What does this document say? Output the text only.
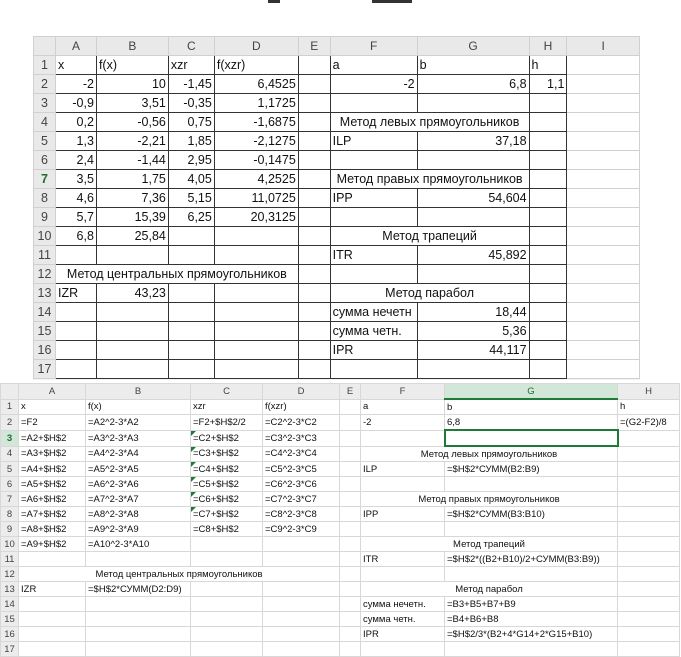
	A	B	C	D	E	F	G	H	I
1	x	f(x)	xzr	f(xzr)		a	b	h	
2	-2	10	-1,45	6,4525		-2	6,8	1,1	
3	-0,9	3,51	-0,35	1,1725					
4	0,2	-0,56	0,75	-1,6875		Метод левых прямоугольников			
5	1,3	-2,21	1,85	-2,1275		ILP	37,18		
6	2,4	-1,44	2,95	-0,1475					
7	3,5	1,75	4,05	4,2525		Метод правых прямоугольников			
8	4,6	7,36	5,15	11,0725		IPP	54,604		
9	5,7	15,39	6,25	20,3125					
10	6,8	25,84				Метод трапеций			
11						ITR	45,892		
12	Метод центральных прямоугольников								
13	IZR	43,23				Метод парабол			
14						сумма нечетн	18,44		
15						сумма четн.	5,36		
16						IPR	44,117		
17									
	A	B	C	D	E	F	G	H
1	x	f(x)	xzr	f(xzr)		a	b	h
2	=F2	=A2^2-3*A2	=F2+$H$2/2	=C2^2-3*C2		-2	6,8	=(G2-F2)/8
3	=A2+$H$2	=A3^2-3*A3	=C2+$H$2	=C3^2-3*C3				
4	=A3+$H$2	=A4^2-3*A4	=C3+$H$2	=C4^2-3*C4		Метод левых прямоугольников		
5	=A4+$H$2	=A5^2-3*A5	=C4+$H$2	=C5^2-3*C5		ILP	=$H$2*СУММ(B2:B9)	
6	=A5+$H$2	=A6^2-3*A6	=C5+$H$2	=C6^2-3*C6				
7	=A6+$H$2	=A7^2-3*A7	=C6+$H$2	=C7^2-3*C7		Метод правых прямоугольников		
8	=A7+$H$2	=A8^2-3*A8	=C7+$H$2	=C8^2-3*C8		IPP	=$H$2*СУММ(B3:B10)	
9	=A8+$H$2	=A9^2-3*A9	=C8+$H$2	=C9^2-3*C9				
10	=A9+$H$2	=A10^2-3*A10				Метод трапеций		
11						ITR	=$H$2*((B2+B10)/2+СУММ(B3:B9))	
12	Метод центральных прямоугольников							
13	IZR	=$H$2*СУММ(D2:D9)				Метод парабол		
14						сумма нечетн.	=B3+B5+B7+B9	
15						сумма четн.	=B4+B6+B8	
16						IPR	=$H$2/3*(B2+4*G14+2*G15+B10)	
17								
